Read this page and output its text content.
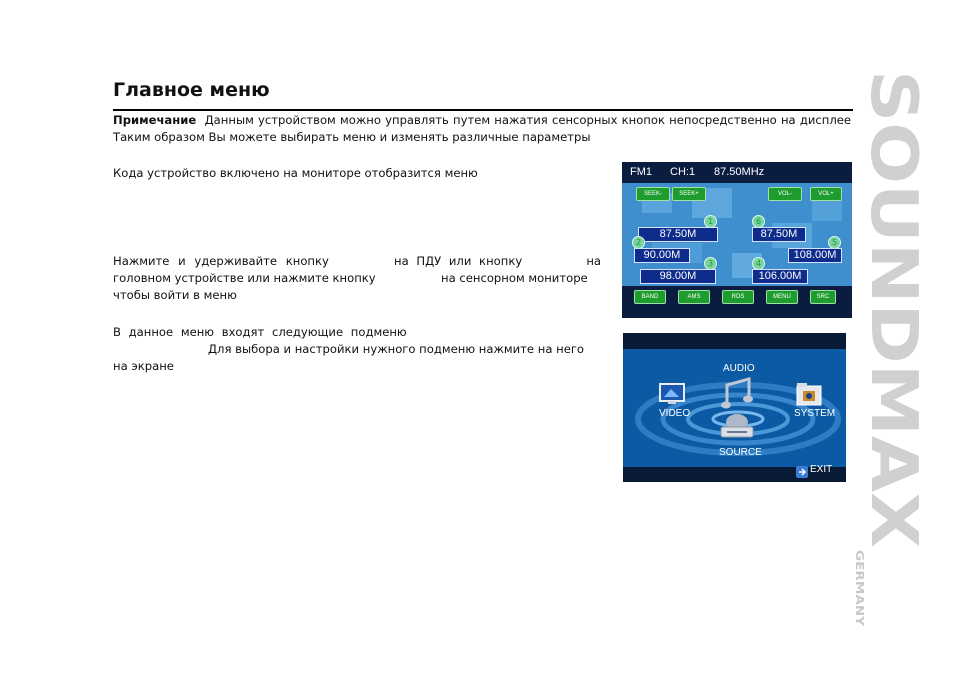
Главное меню
Примечание Данным устройством можно управлять путем нажатия сенсорных кнопок непосредственно на дисплее Таким образом Вы можете выбирать меню и изменять различные параметры
Кода устройство включено на мониторе отобразится меню
Нажмите и удерживайте кнопку	на ПДУ или кнопку	на
головном устройстве или нажмите кнопку	на сенсорном мониторе
чтобы войти в меню
В данное меню входят следующие подменю
Для выбора и настройки нужного подменю нажмите на него
на экране	SOUNDMAX
GERMANY
FM1 CH:1 87.50MHz
SEEK-	SEEK+	VOL-	VOL+
1
87.50M
2
90.00M
3
98.00M
4
106.00M
5
108.00M
6
87.50M
BAND	AMS	RDS	MENU	SRC
AUDIO
VIDEO	SYSTEM
SOURCE
EXIT
